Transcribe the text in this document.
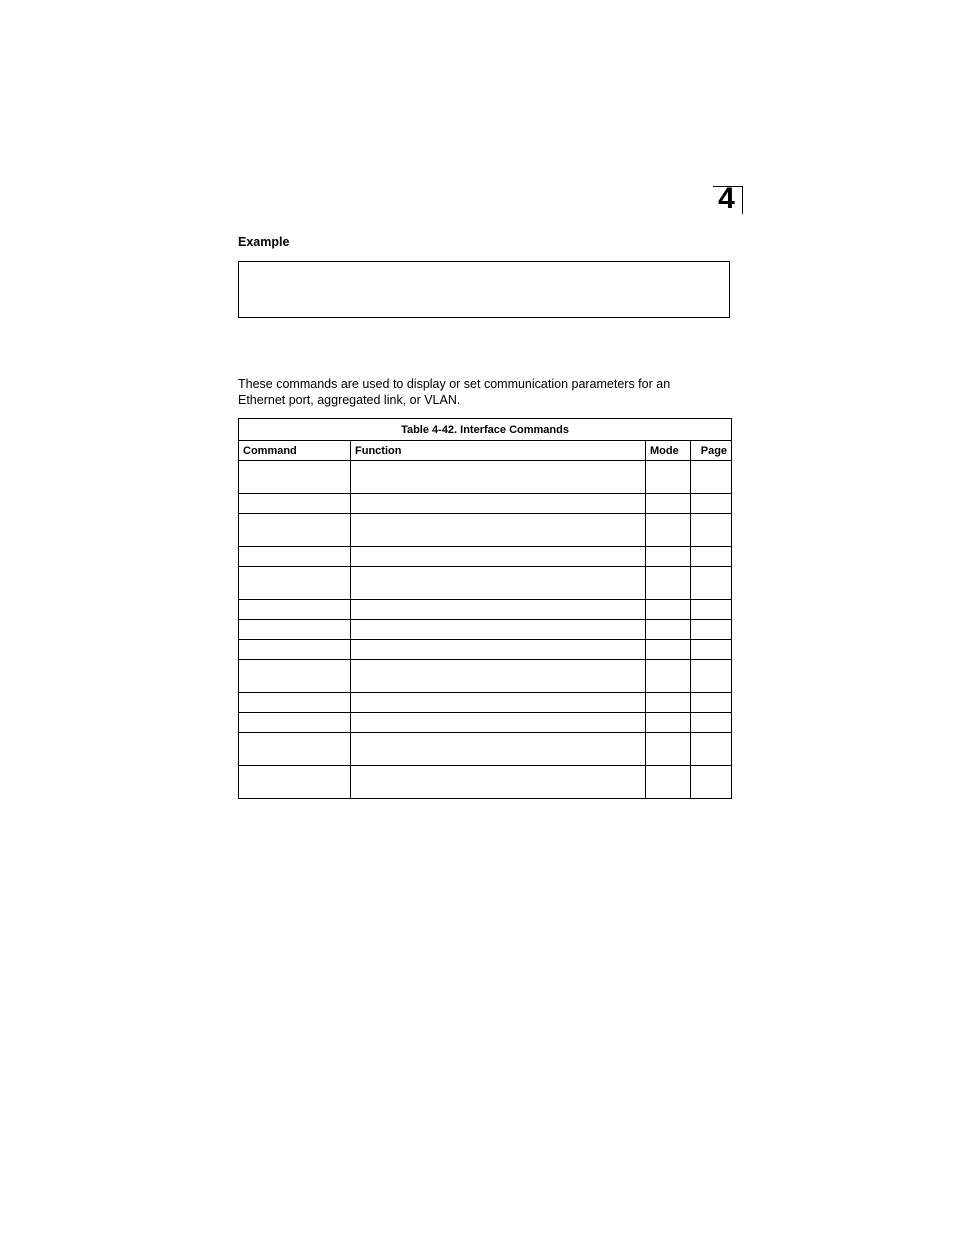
4
Example

These commands are used to display or set communication parameters for an Ethernet port, aggregated link, or VLAN.

Table 4-42. Interface Commands			
Command	Function	Mode	Page
